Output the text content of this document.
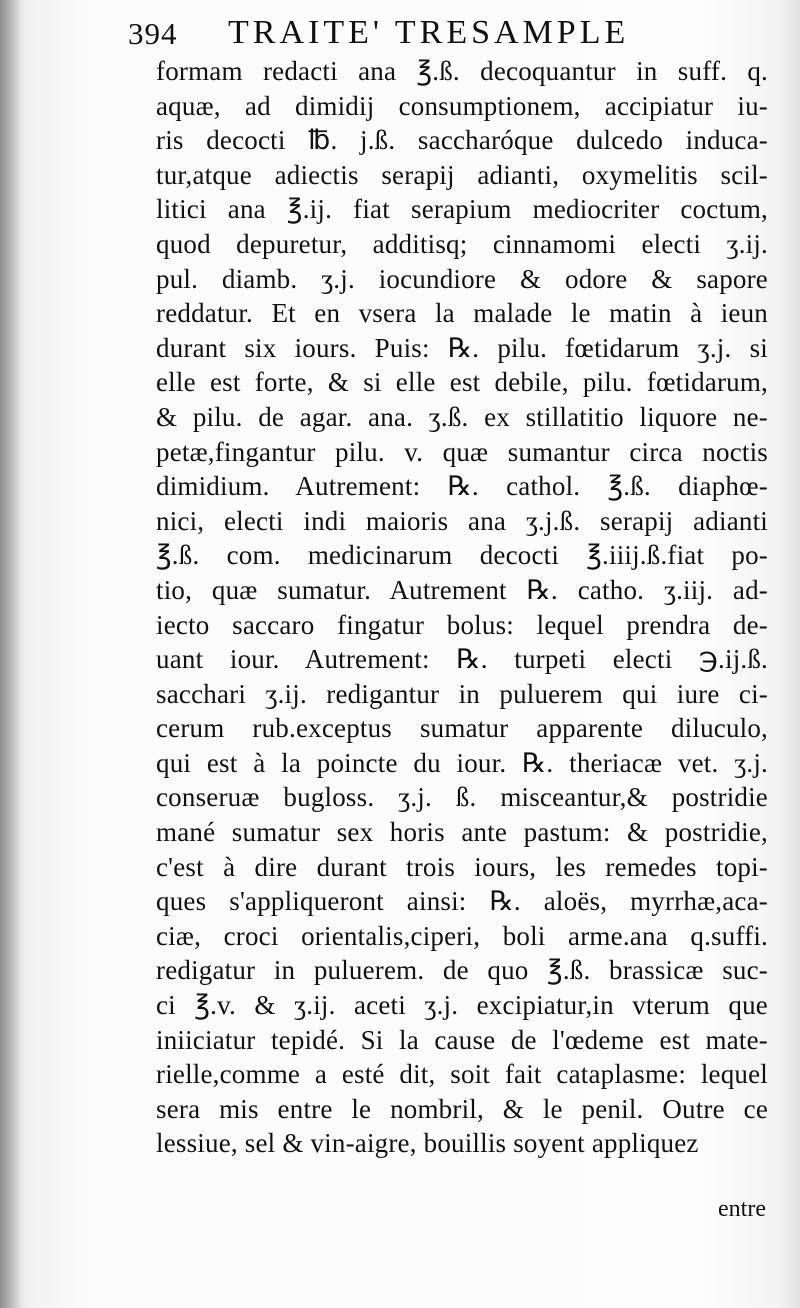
394 TRAITE' TRESAMPLE
formam redacti ana ℥.ß. decoquantur in suff. q.
aquæ, ad dimidij consumptionem, accipiatur iu-
ris decocti ℔. j.ß. saccharóque dulcedo induca-
tur,atque adiectis serapij adianti, oxymelitis scil-
litici ana ℥.ij. fiat serapium mediocriter coctum,
quod depuretur, additisq; cinnamomi electi ʒ.ij.
pul. diamb. ʒ.j. iocundiore & odore & sapore
reddatur. Et en vsera la malade le matin à ieun
durant six iours. Puis: ℞. pilu. fœtidarum ʒ.j. si
elle est forte, & si elle est debile, pilu. fœtidarum,
& pilu. de agar. ana. ʒ.ß. ex stillatitio liquore ne-
petæ,fingantur pilu. v. quæ sumantur circa noctis
dimidium. Autrement: ℞. cathol. ℥.ß. diaphœ-
nici, electi indi maioris ana ʒ.j.ß. serapij adianti
℥.ß. com. medicinarum decocti ℥.iiij.ß.fiat po-
tio, quæ sumatur. Autrement ℞. catho. ʒ.iij. ad-
iecto saccaro fingatur bolus: lequel prendra de-
uant iour. Autrement: ℞. turpeti electi ℈.ij.ß.
sacchari ʒ.ij. redigantur in puluerem qui iure ci-
cerum rub.exceptus sumatur apparente diluculo,
qui est à la poincte du iour. ℞. theriacæ vet. ʒ.j.
conseruæ bugloss. ʒ.j. ß. misceantur,& postridie
mané sumatur sex horis ante pastum: & postridie,
c'est à dire durant trois iours, les remedes topi-
ques s'appliqueront ainsi: ℞. aloës, myrrhæ,aca-
ciæ, croci orientalis,ciperi, boli arme.ana q.suffi.
redigatur in puluerem. de quo ℥.ß. brassicæ suc-
ci ℥.v. & ʒ.ij. aceti ʒ.j. excipiatur,in vterum que
iniiciatur tepidé. Si la cause de l'œdeme est mate-
rielle,comme a esté dit, soit fait cataplasme: lequel
sera mis entre le nombril, & le penil. Outre ce
lessiue, sel & vin-aigre, bouillis soyent appliquez
entre
